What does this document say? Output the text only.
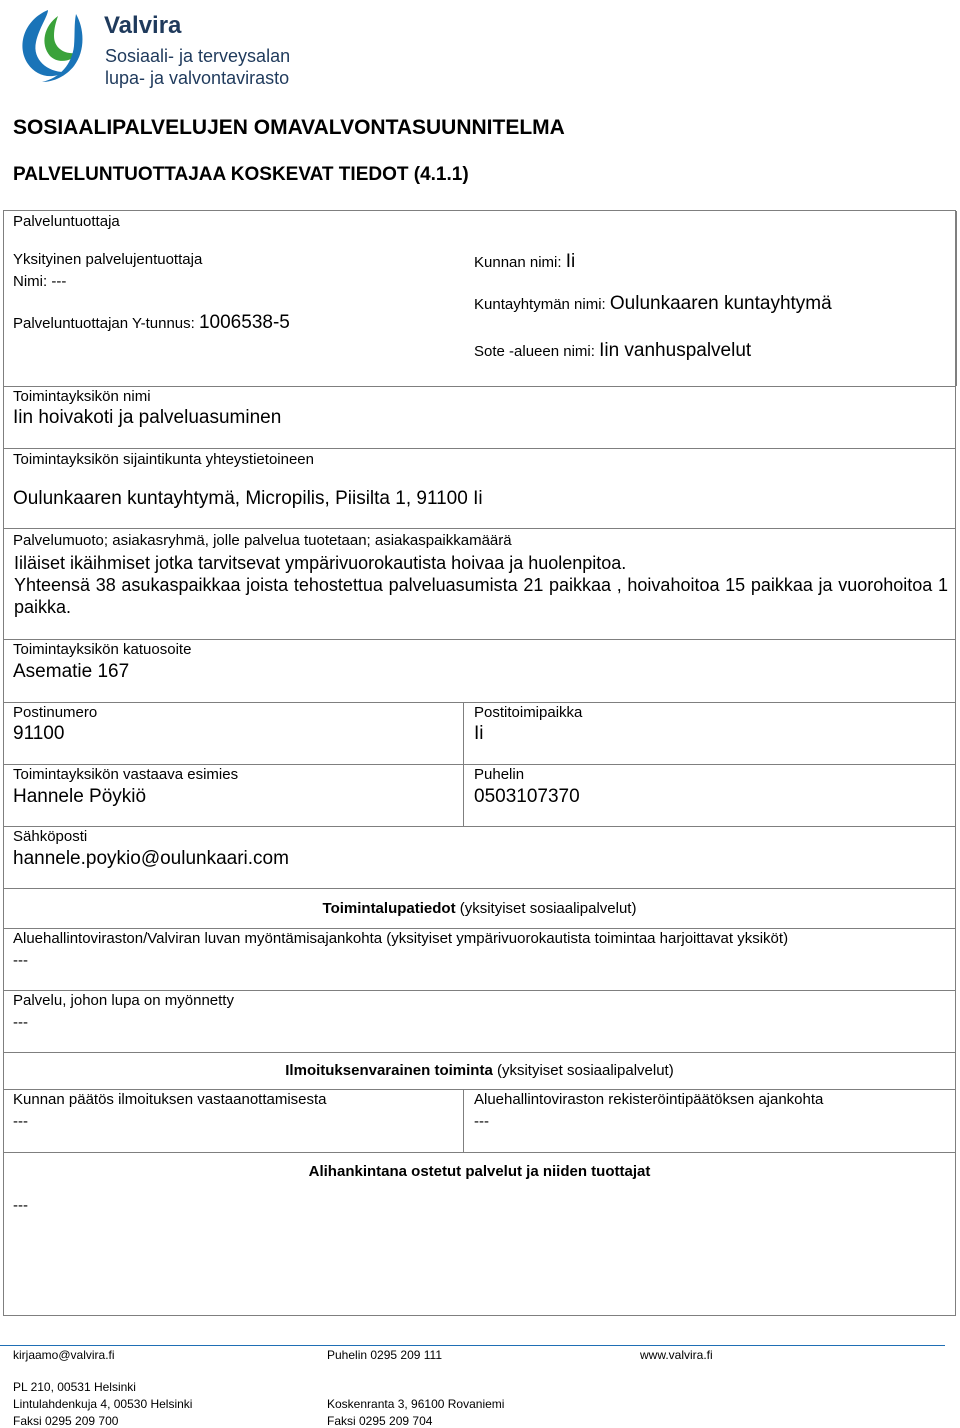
Valvira
Sosiaali- ja terveysalan
lupa- ja valvontavirasto
SOSIAALIPALVELUJEN OMAVALVONTASUUNNITELMA
PALVELUNTUOTTAJAA KOSKEVAT TIEDOT (4.1.1)
Palveluntuottaja
Yksityinen palvelujentuottaja
Nimi: ---
Palveluntuottajan Y-tunnus: 1006538-5
Kunnan nimi: Ii
Kuntayhtymän nimi: Oulunkaaren kuntayhtymä
Sote -alueen nimi: Iin vanhuspalvelut
Toimintayksikön nimi
Iin hoivakoti ja palveluasuminen
Toimintayksikön sijaintikunta yhteystietoineen
Oulunkaaren kuntayhtymä, Micropilis, Piisilta 1, 91100 Ii
Palvelumuoto; asiakasryhmä, jolle palvelua tuotetaan; asiakaspaikkamäärä
Iiläiset ikäihmiset jotka tarvitsevat ympärivuorokautista hoivaa ja huolenpitoa.
Yhteensä 38 asukaspaikkaa joista tehostettua palveluasumista 21 paikkaa , hoivahoitoa 15 paikkaa ja vuorohoitoa 1 paikka.
Toimintayksikön katuosoite
Asematie 167
Postinumero
91100
Postitoimipaikka
Ii
Toimintayksikön vastaava esimies
Hannele Pöykiö
Puhelin
0503107370
Sähköposti
hannele.poykio@oulunkaari.com
Toimintalupatiedot (yksityiset sosiaalipalvelut)
Aluehallintoviraston/Valviran luvan myöntämisajankohta (yksityiset ympärivuorokautista toimintaa harjoittavat yksiköt)
---
Palvelu, johon lupa on myönnetty
---
Ilmoituksenvarainen toiminta (yksityiset sosiaalipalvelut)
Kunnan päätös ilmoituksen vastaanottamisesta
---
Aluehallintoviraston rekisteröintipäätöksen ajankohta
---
Alihankintana ostetut palvelut ja niiden tuottajat
---
kirjaamo@valvira.fi	Puhelin 0295 209 111	www.valvira.fi
PL 210, 00531 Helsinki
Lintulahdenkuja 4, 00530 Helsinki
Faksi 0295 209 700
Koskenranta 3, 96100 Rovaniemi
Faksi 0295 209 704
